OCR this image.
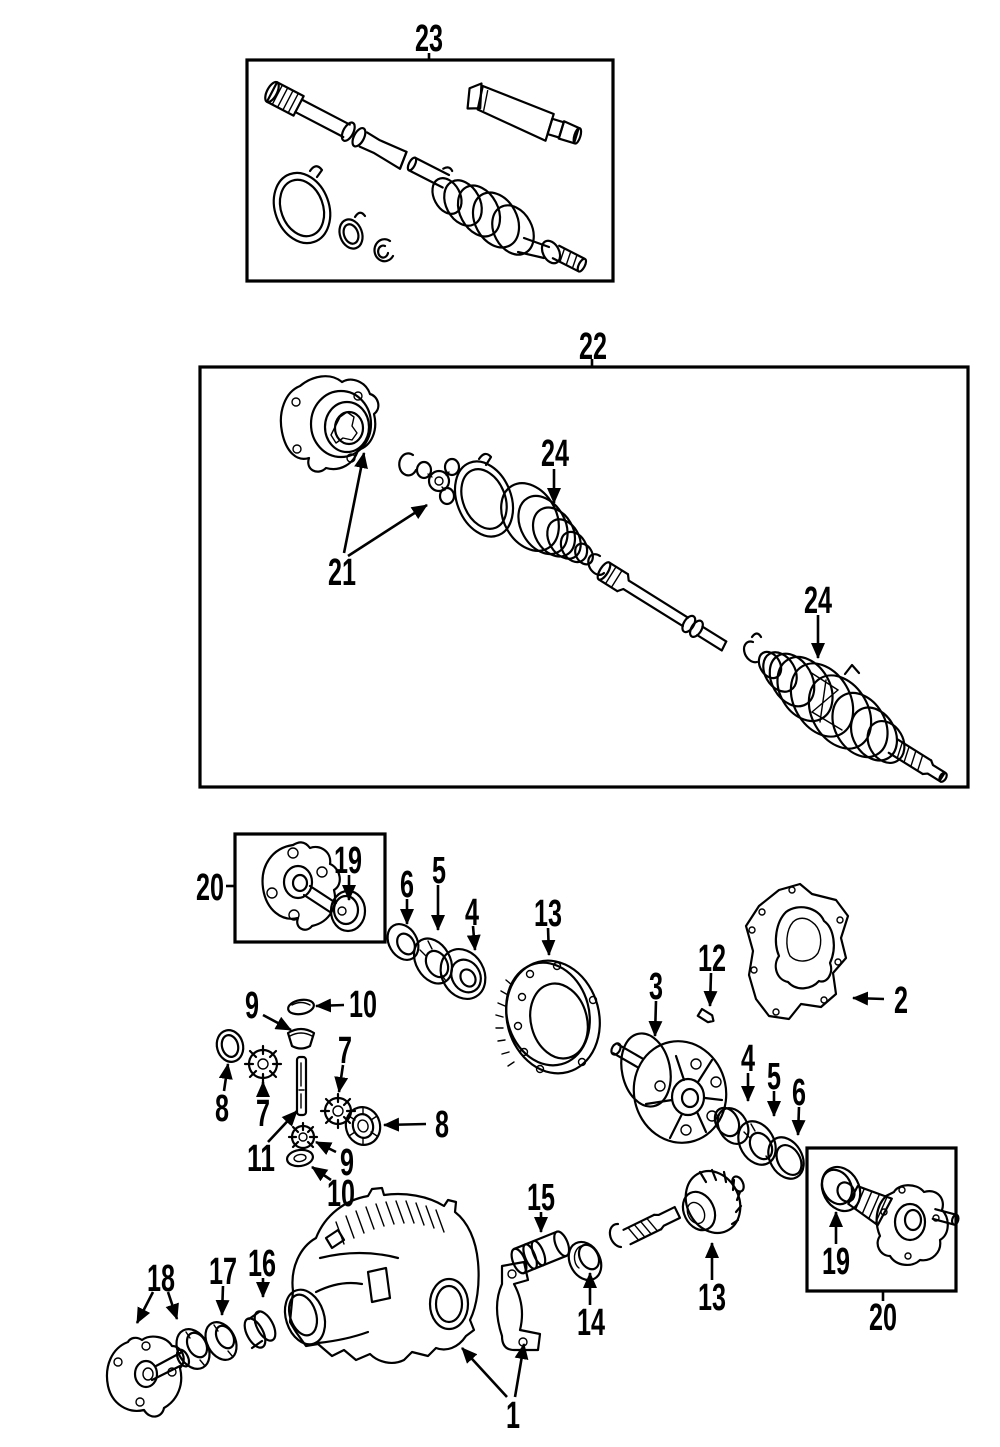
23
22
21
24
24
20
19
6 5
4 13
3
12
2
9 10
8 7
11
7
8
9
10
4 5 6
15
14
13
1
16
17
18	19
20
